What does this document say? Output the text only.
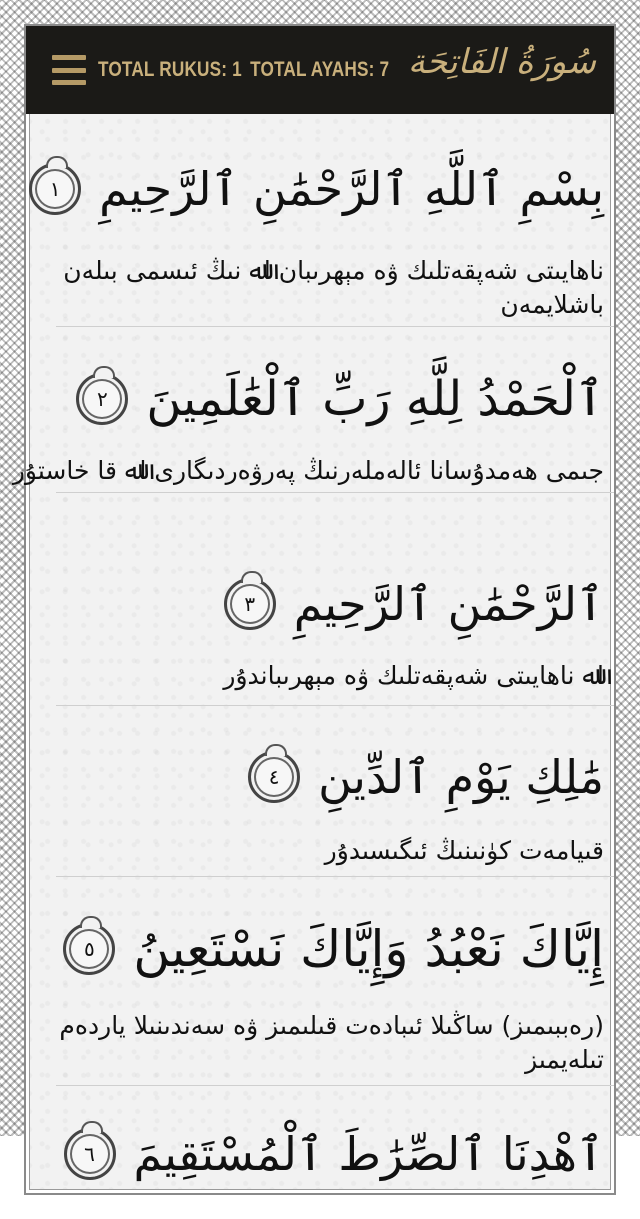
TOTAL RUKUS: 1 TOTAL AYAHS: 7 سُورَةُ الفَاتِحَة
بِسْمِ ٱللَّهِ ٱلرَّحْمَٰنِ ٱلرَّحِيمِ
١
ناھايىتى شەپقەتلىك ۋە مېھرىبان اﷲ نىڭ ئىسمى بىلەن باشلايمەن
ٱلْحَمْدُ لِلَّهِ رَبِّ ٱلْعَٰلَمِينَ
٢
جىمى ھەمدۇسانا ئالەملەرنىڭ پەرۋەردىگارى اﷲ قا خاستۇر
ٱلرَّحْمَٰنِ ٱلرَّحِيمِ
٣
اﷲ ناھايىتى شەپقەتلىك ۋە مېھرىباندۇر
مَٰلِكِ يَوْمِ ٱلدِّينِ
٤
قىيامەت كۈنىنىڭ ئىگىسىدۇر
إِيَّاكَ نَعْبُدُ وَإِيَّاكَ نَسْتَعِينُ
٥
(رەببىمىز) ساڭىلا ئىبادەت قىلىمىز ۋە سەندىنىلا ياردەم تىلەيمىز
ٱهْدِنَا ٱلصِّرَٰطَ ٱلْمُسْتَقِيمَ
٦
